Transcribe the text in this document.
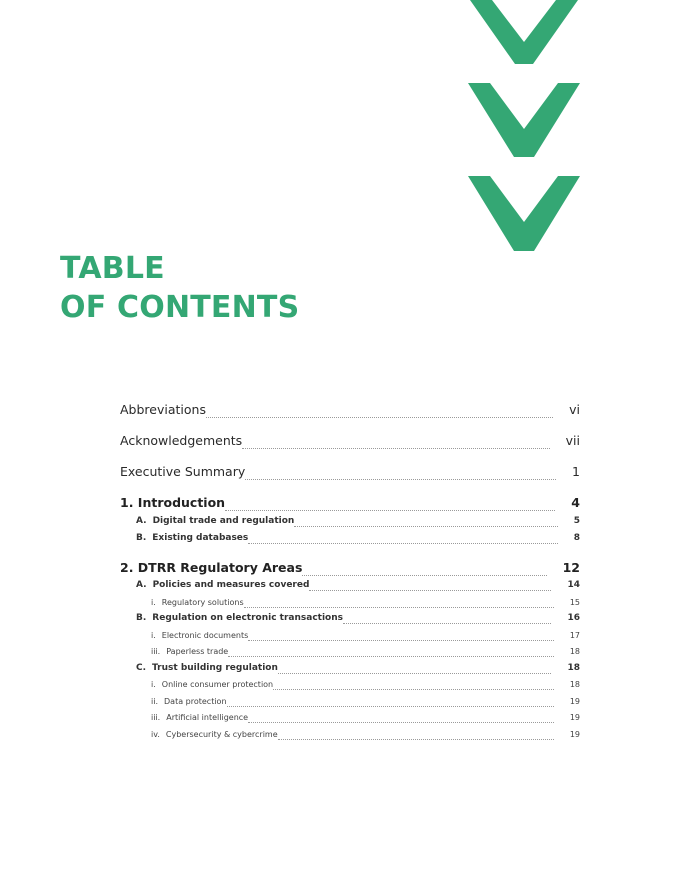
TABLE
OF CONTENTS
Abbreviations	vi
Acknowledgements	vii
Executive Summary	1
1. Introduction	4
A. Digital trade and regulation	5
B. Existing databases	8
2. DTRR Regulatory Areas	12
A. Policies and measures covered	14
i. Regulatory solutions	15
B. Regulation on electronic transactions	16
i. Electronic documents	17
iii. Paperless trade	18
C. Trust building regulation	18
i. Online consumer protection	18
ii. Data protection	19
iii. Artificial intelligence	19
iv. Cybersecurity & cybercrime	19
